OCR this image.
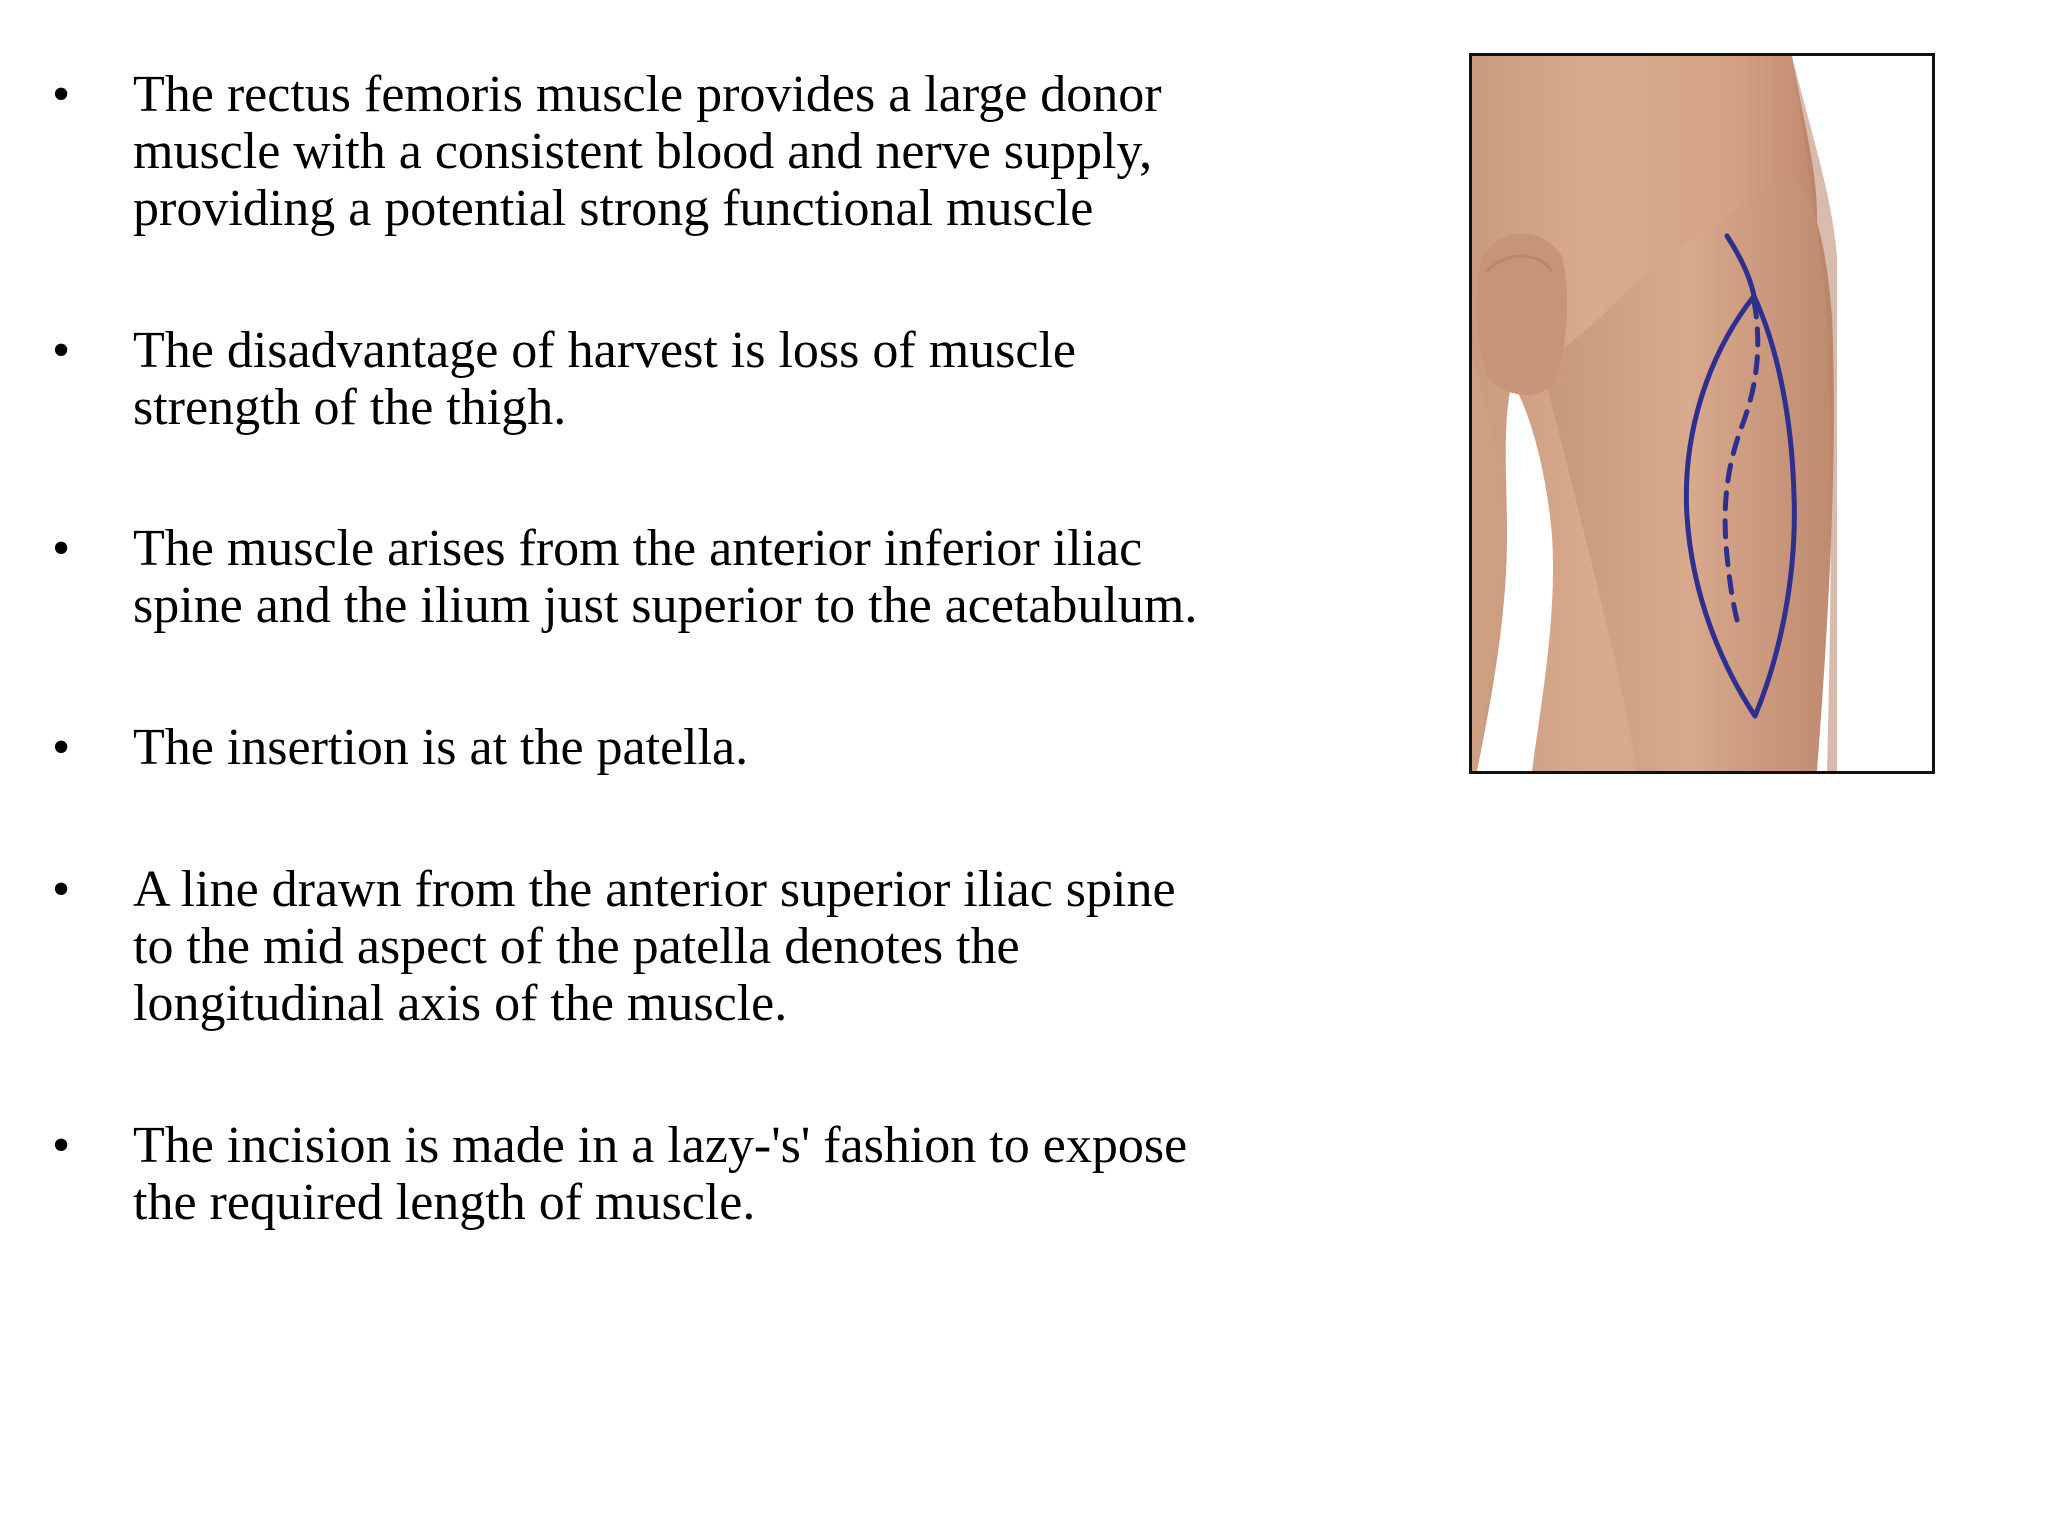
• The rectus femoris muscle provides a large donor
muscle with a consistent blood and nerve supply,
providing a potential strong functional muscle
• The disadvantage of harvest is loss of muscle
strength of the thigh.
• The muscle arises from the anterior inferior iliac
spine and the ilium just superior to the acetabulum.
• The insertion is at the patella.
• A line drawn from the anterior superior iliac spine
to the mid aspect of the patella denotes the
longitudinal axis of the muscle.
• The incision is made in a lazy-'s' fashion to expose
the required length of muscle.
